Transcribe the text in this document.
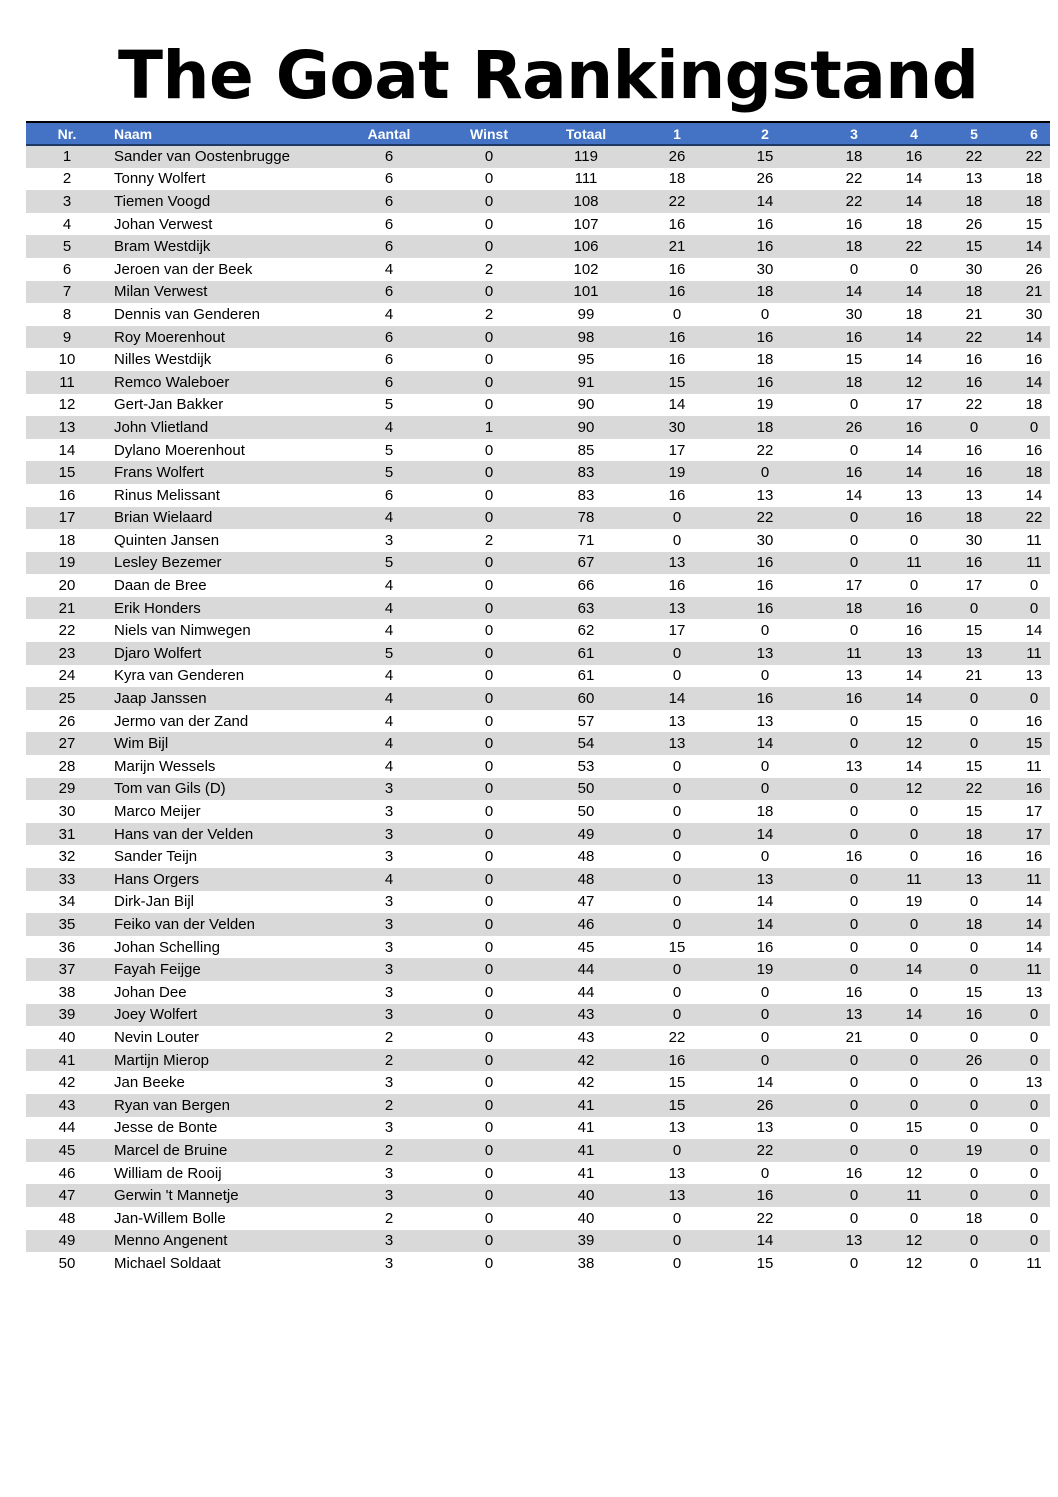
The Goat Rankingstand
Nr.	Naam	Aantal	Winst	Totaal	1	2	3	4	5	6
1	Sander van Oostenbrugge	6	0	119	26	15	18	16	22	22
2	Tonny Wolfert	6	0	111	18	26	22	14	13	18
3	Tiemen Voogd	6	0	108	22	14	22	14	18	18
4	Johan Verwest	6	0	107	16	16	16	18	26	15
5	Bram Westdijk	6	0	106	21	16	18	22	15	14
6	Jeroen van der Beek	4	2	102	16	30	0	0	30	26
7	Milan Verwest	6	0	101	16	18	14	14	18	21
8	Dennis van Genderen	4	2	99	0	0	30	18	21	30
9	Roy Moerenhout	6	0	98	16	16	16	14	22	14
10	Nilles Westdijk	6	0	95	16	18	15	14	16	16
11	Remco Waleboer	6	0	91	15	16	18	12	16	14
12	Gert-Jan Bakker	5	0	90	14	19	0	17	22	18
13	John Vlietland	4	1	90	30	18	26	16	0	0
14	Dylano Moerenhout	5	0	85	17	22	0	14	16	16
15	Frans Wolfert	5	0	83	19	0	16	14	16	18
16	Rinus Melissant	6	0	83	16	13	14	13	13	14
17	Brian Wielaard	4	0	78	0	22	0	16	18	22
18	Quinten Jansen	3	2	71	0	30	0	0	30	11
19	Lesley Bezemer	5	0	67	13	16	0	11	16	11
20	Daan de Bree	4	0	66	16	16	17	0	17	0
21	Erik Honders	4	0	63	13	16	18	16	0	0
22	Niels van Nimwegen	4	0	62	17	0	0	16	15	14
23	Djaro Wolfert	5	0	61	0	13	11	13	13	11
24	Kyra van Genderen	4	0	61	0	0	13	14	21	13
25	Jaap Janssen	4	0	60	14	16	16	14	0	0
26	Jermo van der Zand	4	0	57	13	13	0	15	0	16
27	Wim Bijl	4	0	54	13	14	0	12	0	15
28	Marijn Wessels	4	0	53	0	0	13	14	15	11
29	Tom van Gils (D)	3	0	50	0	0	0	12	22	16
30	Marco Meijer	3	0	50	0	18	0	0	15	17
31	Hans van der Velden	3	0	49	0	14	0	0	18	17
32	Sander Teijn	3	0	48	0	0	16	0	16	16
33	Hans Orgers	4	0	48	0	13	0	11	13	11
34	Dirk-Jan Bijl	3	0	47	0	14	0	19	0	14
35	Feiko van der Velden	3	0	46	0	14	0	0	18	14
36	Johan Schelling	3	0	45	15	16	0	0	0	14
37	Fayah Feijge	3	0	44	0	19	0	14	0	11
38	Johan Dee	3	0	44	0	0	16	0	15	13
39	Joey Wolfert	3	0	43	0	0	13	14	16	0
40	Nevin Louter	2	0	43	22	0	21	0	0	0
41	Martijn Mierop	2	0	42	16	0	0	0	26	0
42	Jan Beeke	3	0	42	15	14	0	0	0	13
43	Ryan van Bergen	2	0	41	15	26	0	0	0	0
44	Jesse de Bonte	3	0	41	13	13	0	15	0	0
45	Marcel de Bruine	2	0	41	0	22	0	0	19	0
46	William de Rooij	3	0	41	13	0	16	12	0	0
47	Gerwin 't Mannetje	3	0	40	13	16	0	11	0	0
48	Jan-Willem Bolle	2	0	40	0	22	0	0	18	0
49	Menno Angenent	3	0	39	0	14	13	12	0	0
50	Michael Soldaat	3	0	38	0	15	0	12	0	11
